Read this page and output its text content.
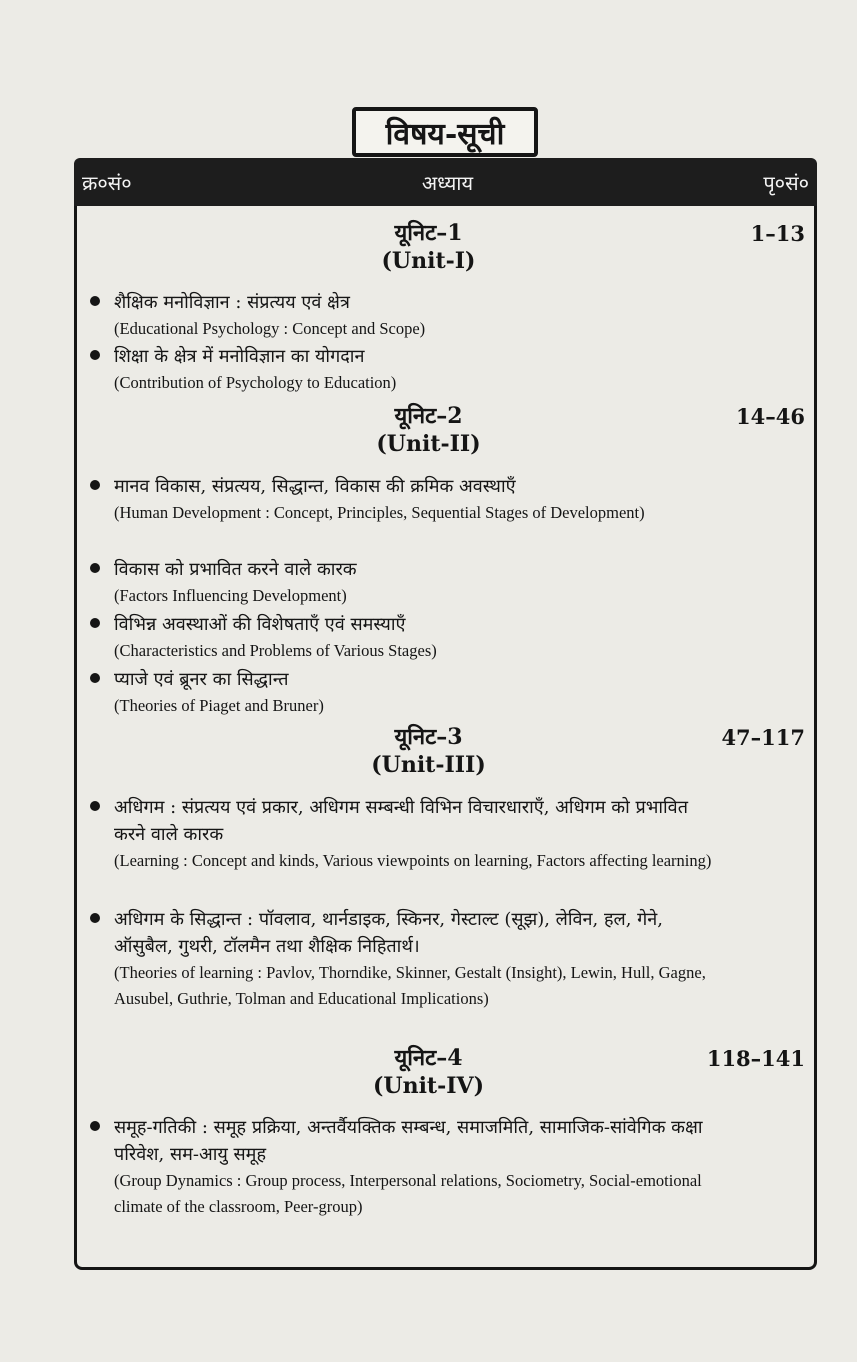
विषय-सूची
क्र०सं०	अध्याय	पृ०सं०
यूनिट–1
(Unit-I)
1–13
शैक्षिक मनोविज्ञान : संप्रत्यय एवं क्षेत्र
(Educational Psychology : Concept and Scope)
शिक्षा के क्षेत्र में मनोविज्ञान का योगदान
(Contribution of Psychology to Education)
यूनिट–2
(Unit-II)
14–46
मानव विकास, संप्रत्यय, सिद्धान्त, विकास की क्रमिक अवस्थाएँ
(Human Development : Concept, Principles, Sequential Stages of Development)
विकास को प्रभावित करने वाले कारक
(Factors Influencing Development)
विभिन्न अवस्थाओं की विशेषताएँ एवं समस्याएँ
(Characteristics and Problems of Various Stages)
प्याजे एवं ब्रूनर का सिद्धान्त
(Theories of Piaget and Bruner)
यूनिट–3
(Unit-III)
47–117
अधिगम : संप्रत्यय एवं प्रकार, अधिगम सम्बन्धी विभिन विचारधाराएँ, अधिगम को प्रभावित करने वाले कारक
(Learning : Concept and kinds, Various viewpoints on learning, Factors affecting learning)
अधिगम के सिद्धान्त : पॉवलाव, थार्नडाइक, स्किनर, गेस्टाल्ट (सूझ), लेविन, हल, गेने, ऑसुबैल, गुथरी, टॉलमैन तथा शैक्षिक निहितार्थ।
(Theories of learning : Pavlov, Thorndike, Skinner, Gestalt (Insight), Lewin, Hull, Gagne, Ausubel, Guthrie, Tolman and Educational Implications)
यूनिट–4
(Unit-IV)
118–141
समूह-गतिकी : समूह प्रक्रिया, अन्तर्वैयक्तिक सम्बन्ध, समाजमिति, सामाजिक-सांवेगिक कक्षा परिवेश, सम-आयु समूह
(Group Dynamics : Group process, Interpersonal relations, Sociometry, Social-emotional climate of the classroom, Peer-group)
